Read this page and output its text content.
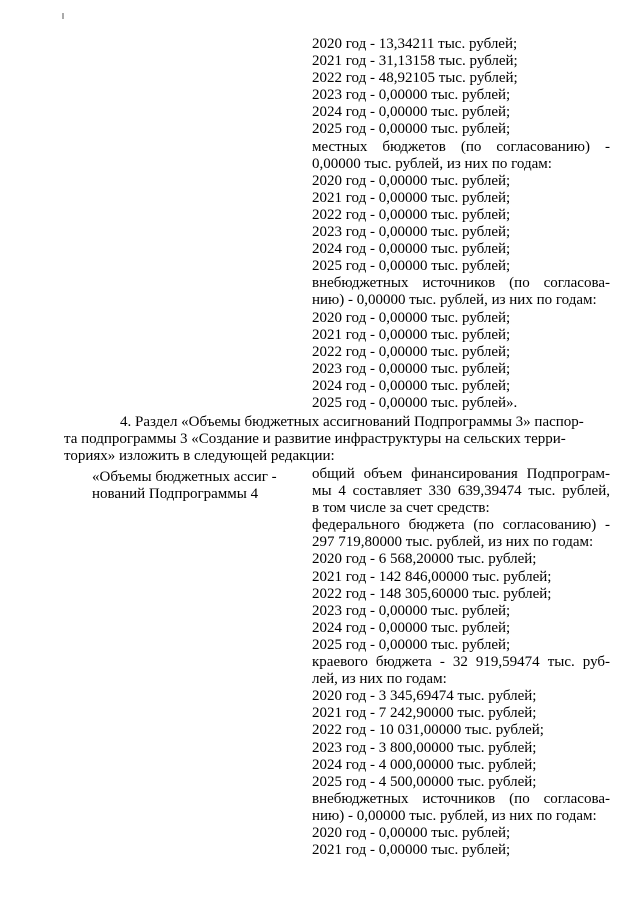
2020 год - 13,34211 тыс. рублей;
2021 год - 31,13158 тыс. рублей;
2022 год - 48,92105 тыс. рублей;
2023 год - 0,00000 тыс. рублей;
2024 год - 0,00000 тыс. рублей;
2025 год - 0,00000 тыс. рублей;
местных бюджетов (по согласованию) -
0,00000 тыс. рублей, из них по годам:
2020 год - 0,00000 тыс. рублей;
2021 год - 0,00000 тыс. рублей;
2022 год - 0,00000 тыс. рублей;
2023 год - 0,00000 тыс. рублей;
2024 год - 0,00000 тыс. рублей;
2025 год - 0,00000 тыс. рублей;
внебюджетных источников (по согласова-
нию) - 0,00000 тыс. рублей, из них по годам:
2020 год - 0,00000 тыс. рублей;
2021 год - 0,00000 тыс. рублей;
2022 год - 0,00000 тыс. рублей;
2023 год - 0,00000 тыс. рублей;
2024 год - 0,00000 тыс. рублей;
2025 год - 0,00000 тыс. рублей».
4. Раздел «Объемы бюджетных ассигнований Подпрограммы 3» паспор-
та подпрограммы 3 «Создание и развитие инфраструктуры на сельских терри-
ториях» изложить в следующей редакции:
«Объемы бюджетных ассиг -
нований Подпрограммы 4
общий объем финансирования Подпрограм-
мы 4 составляет 330 639,39474 тыс. рублей,
в том числе за счет средств:
федерального бюджета (по согласованию) -
297 719,80000 тыс. рублей, из них по годам:
2020 год - 6 568,20000 тыс. рублей;
2021 год - 142 846,00000 тыс. рублей;
2022 год - 148 305,60000 тыс. рублей;
2023 год - 0,00000 тыс. рублей;
2024 год - 0,00000 тыс. рублей;
2025 год - 0,00000 тыс. рублей;
краевого бюджета - 32 919,59474 тыс. руб-
лей, из них по годам:
2020 год - 3 345,69474 тыс. рублей;
2021 год - 7 242,90000 тыс. рублей;
2022 год - 10 031,00000 тыс. рублей;
2023 год - 3 800,00000 тыс. рублей;
2024 год - 4 000,00000 тыс. рублей;
2025 год - 4 500,00000 тыс. рублей;
внебюджетных источников (по согласова-
нию) - 0,00000 тыс. рублей, из них по годам:
2020 год - 0,00000 тыс. рублей;
2021 год - 0,00000 тыс. рублей;
